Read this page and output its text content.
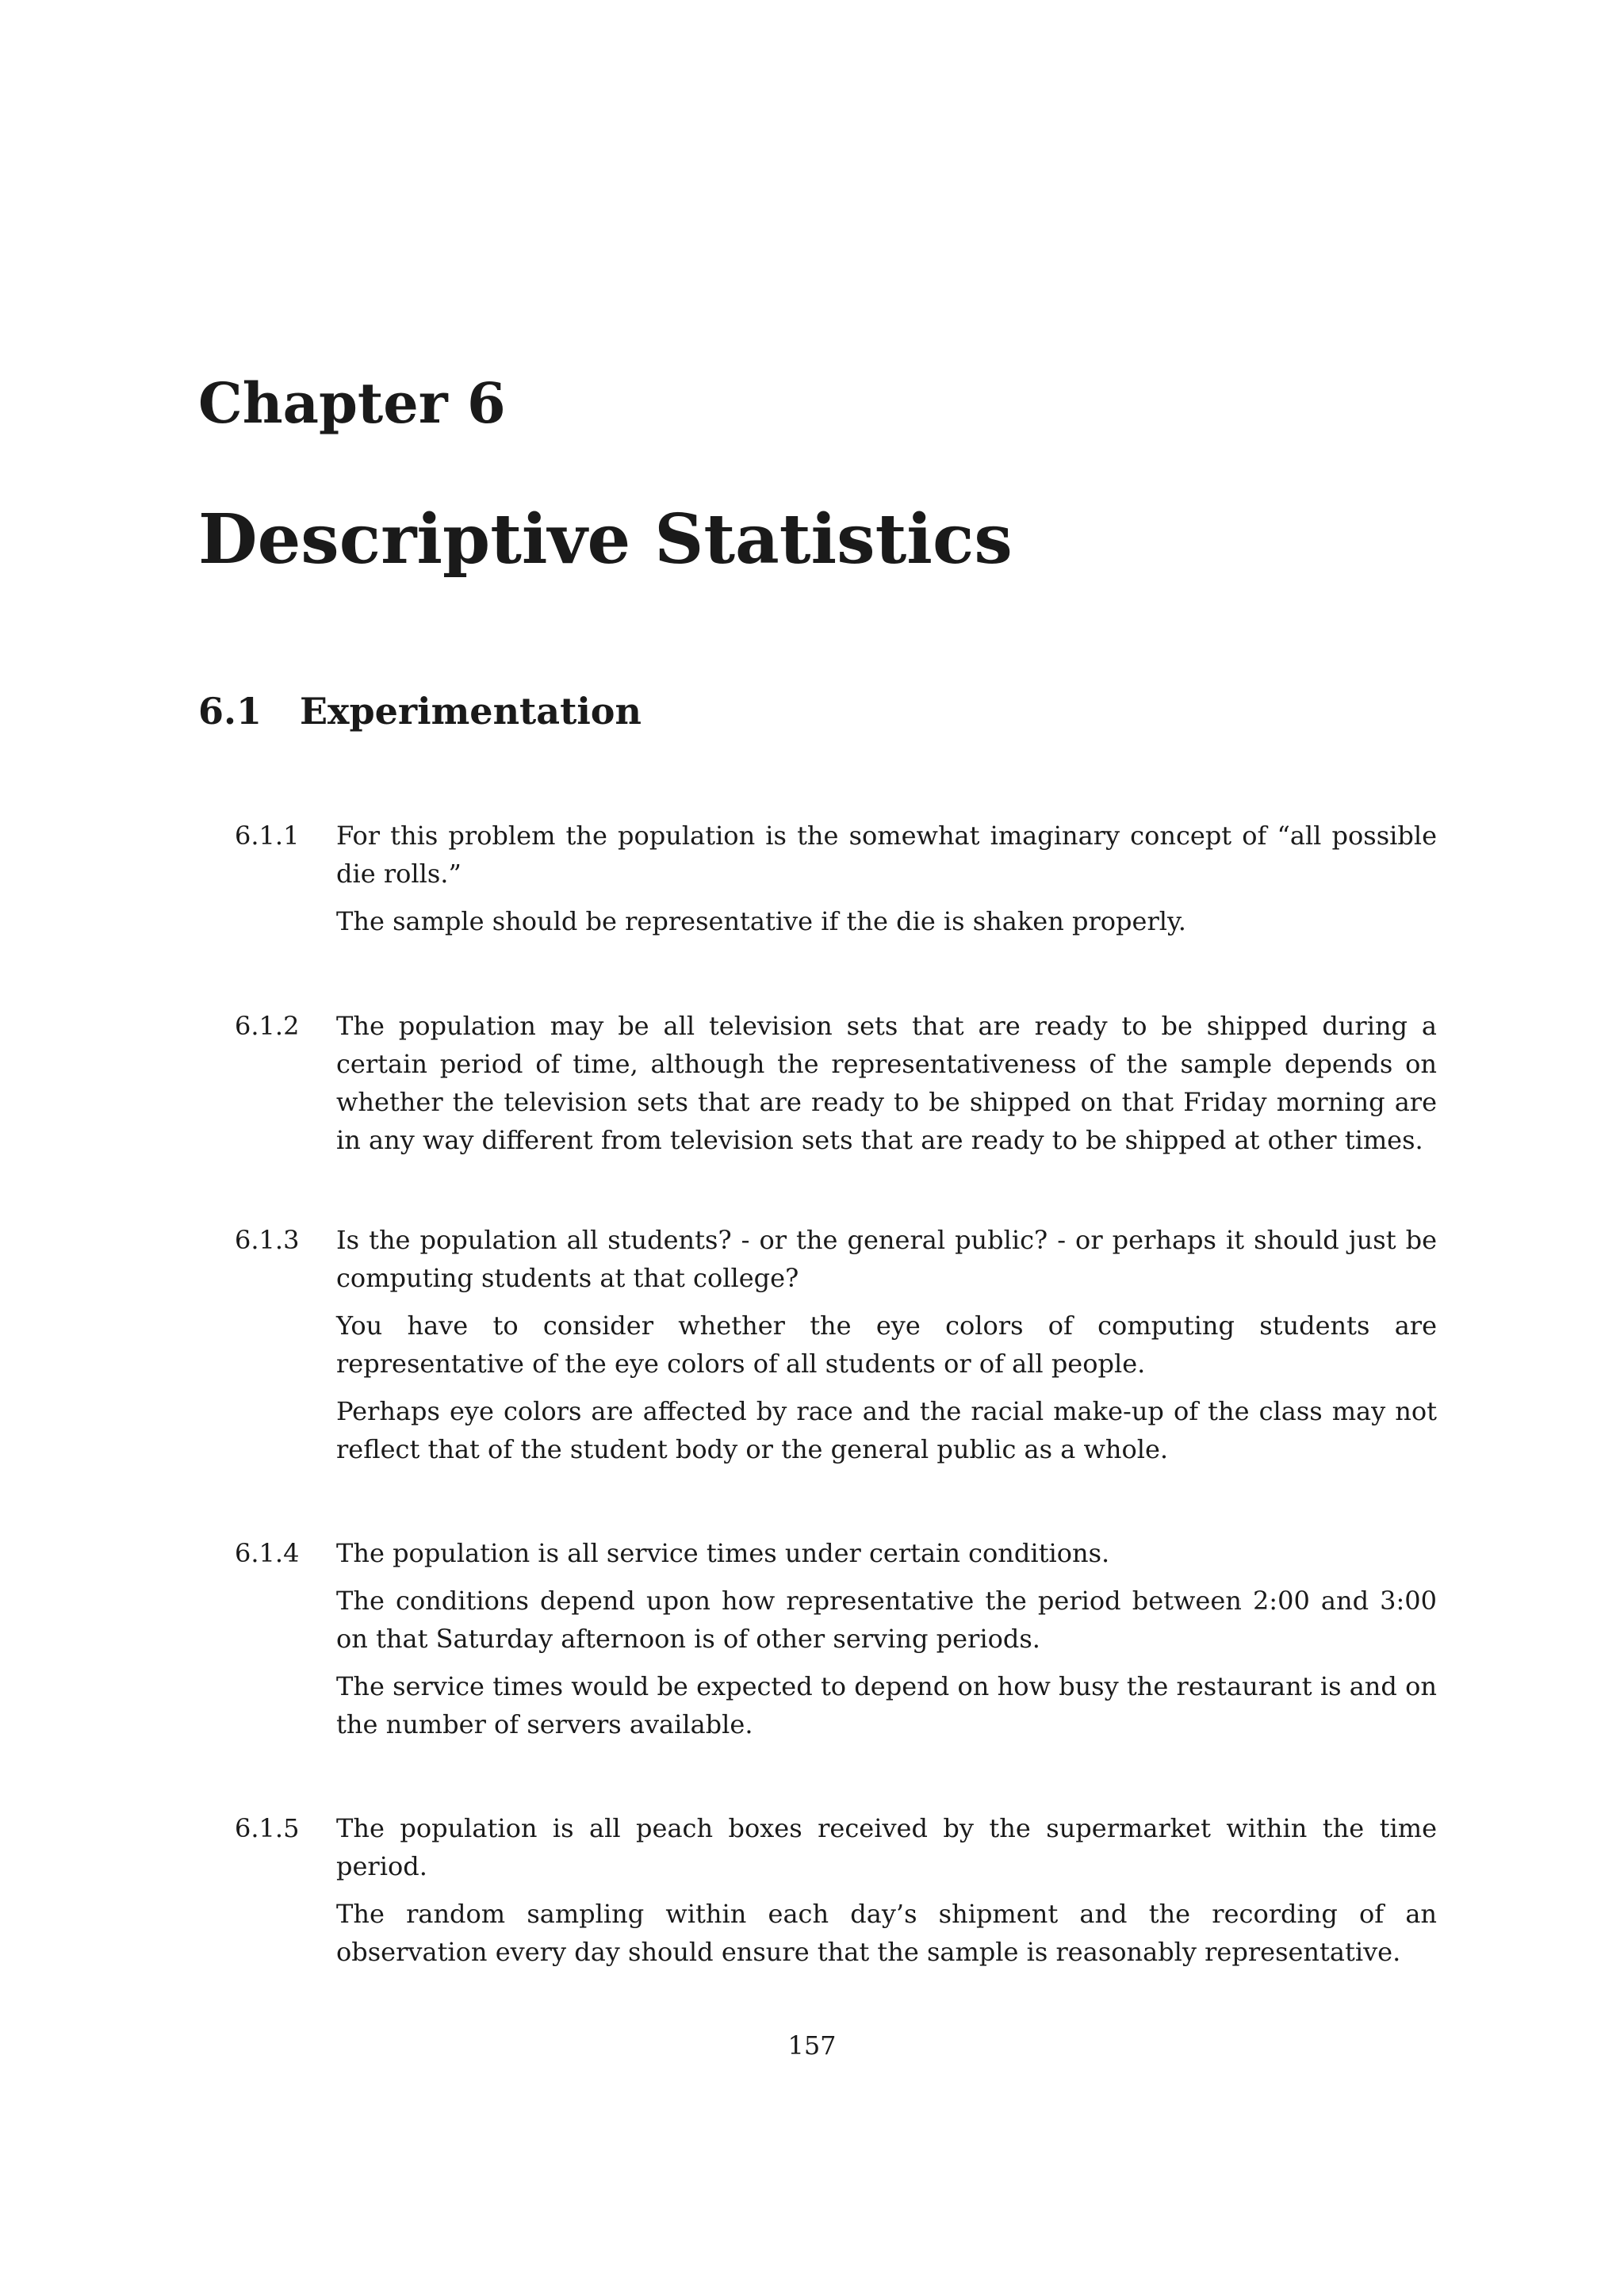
Chapter 6
Descriptive Statistics
6.1 Experimentation
6.1.1	For this problem the population is the somewhat imaginary concept of “all possible die rolls.”

The sample should be representative if the die is shaken properly.

6.1.2	The population may be all television sets that are ready to be shipped during a certain period of time, although the representativeness of the sample depends on whether the television sets that are ready to be shipped on that Friday morning are in any way different from television sets that are ready to be shipped at other times.

6.1.3	Is the population all students? - or the general public? - or perhaps it should just be computing students at that college?

You have to consider whether the eye colors of computing students are representative of the eye colors of all students or of all people.

Perhaps eye colors are affected by race and the racial make-up of the class may not reflect that of the student body or the general public as a whole.

6.1.4	The population is all service times under certain conditions.

The conditions depend upon how representative the period between 2:00 and 3:00 on that Saturday afternoon is of other serving periods.

The service times would be expected to depend on how busy the restaurant is and on the number of servers available.

6.1.5	The population is all peach boxes received by the supermarket within the time period.

The random sampling within each day’s shipment and the recording of an observation every day should ensure that the sample is reasonably representative.

157
